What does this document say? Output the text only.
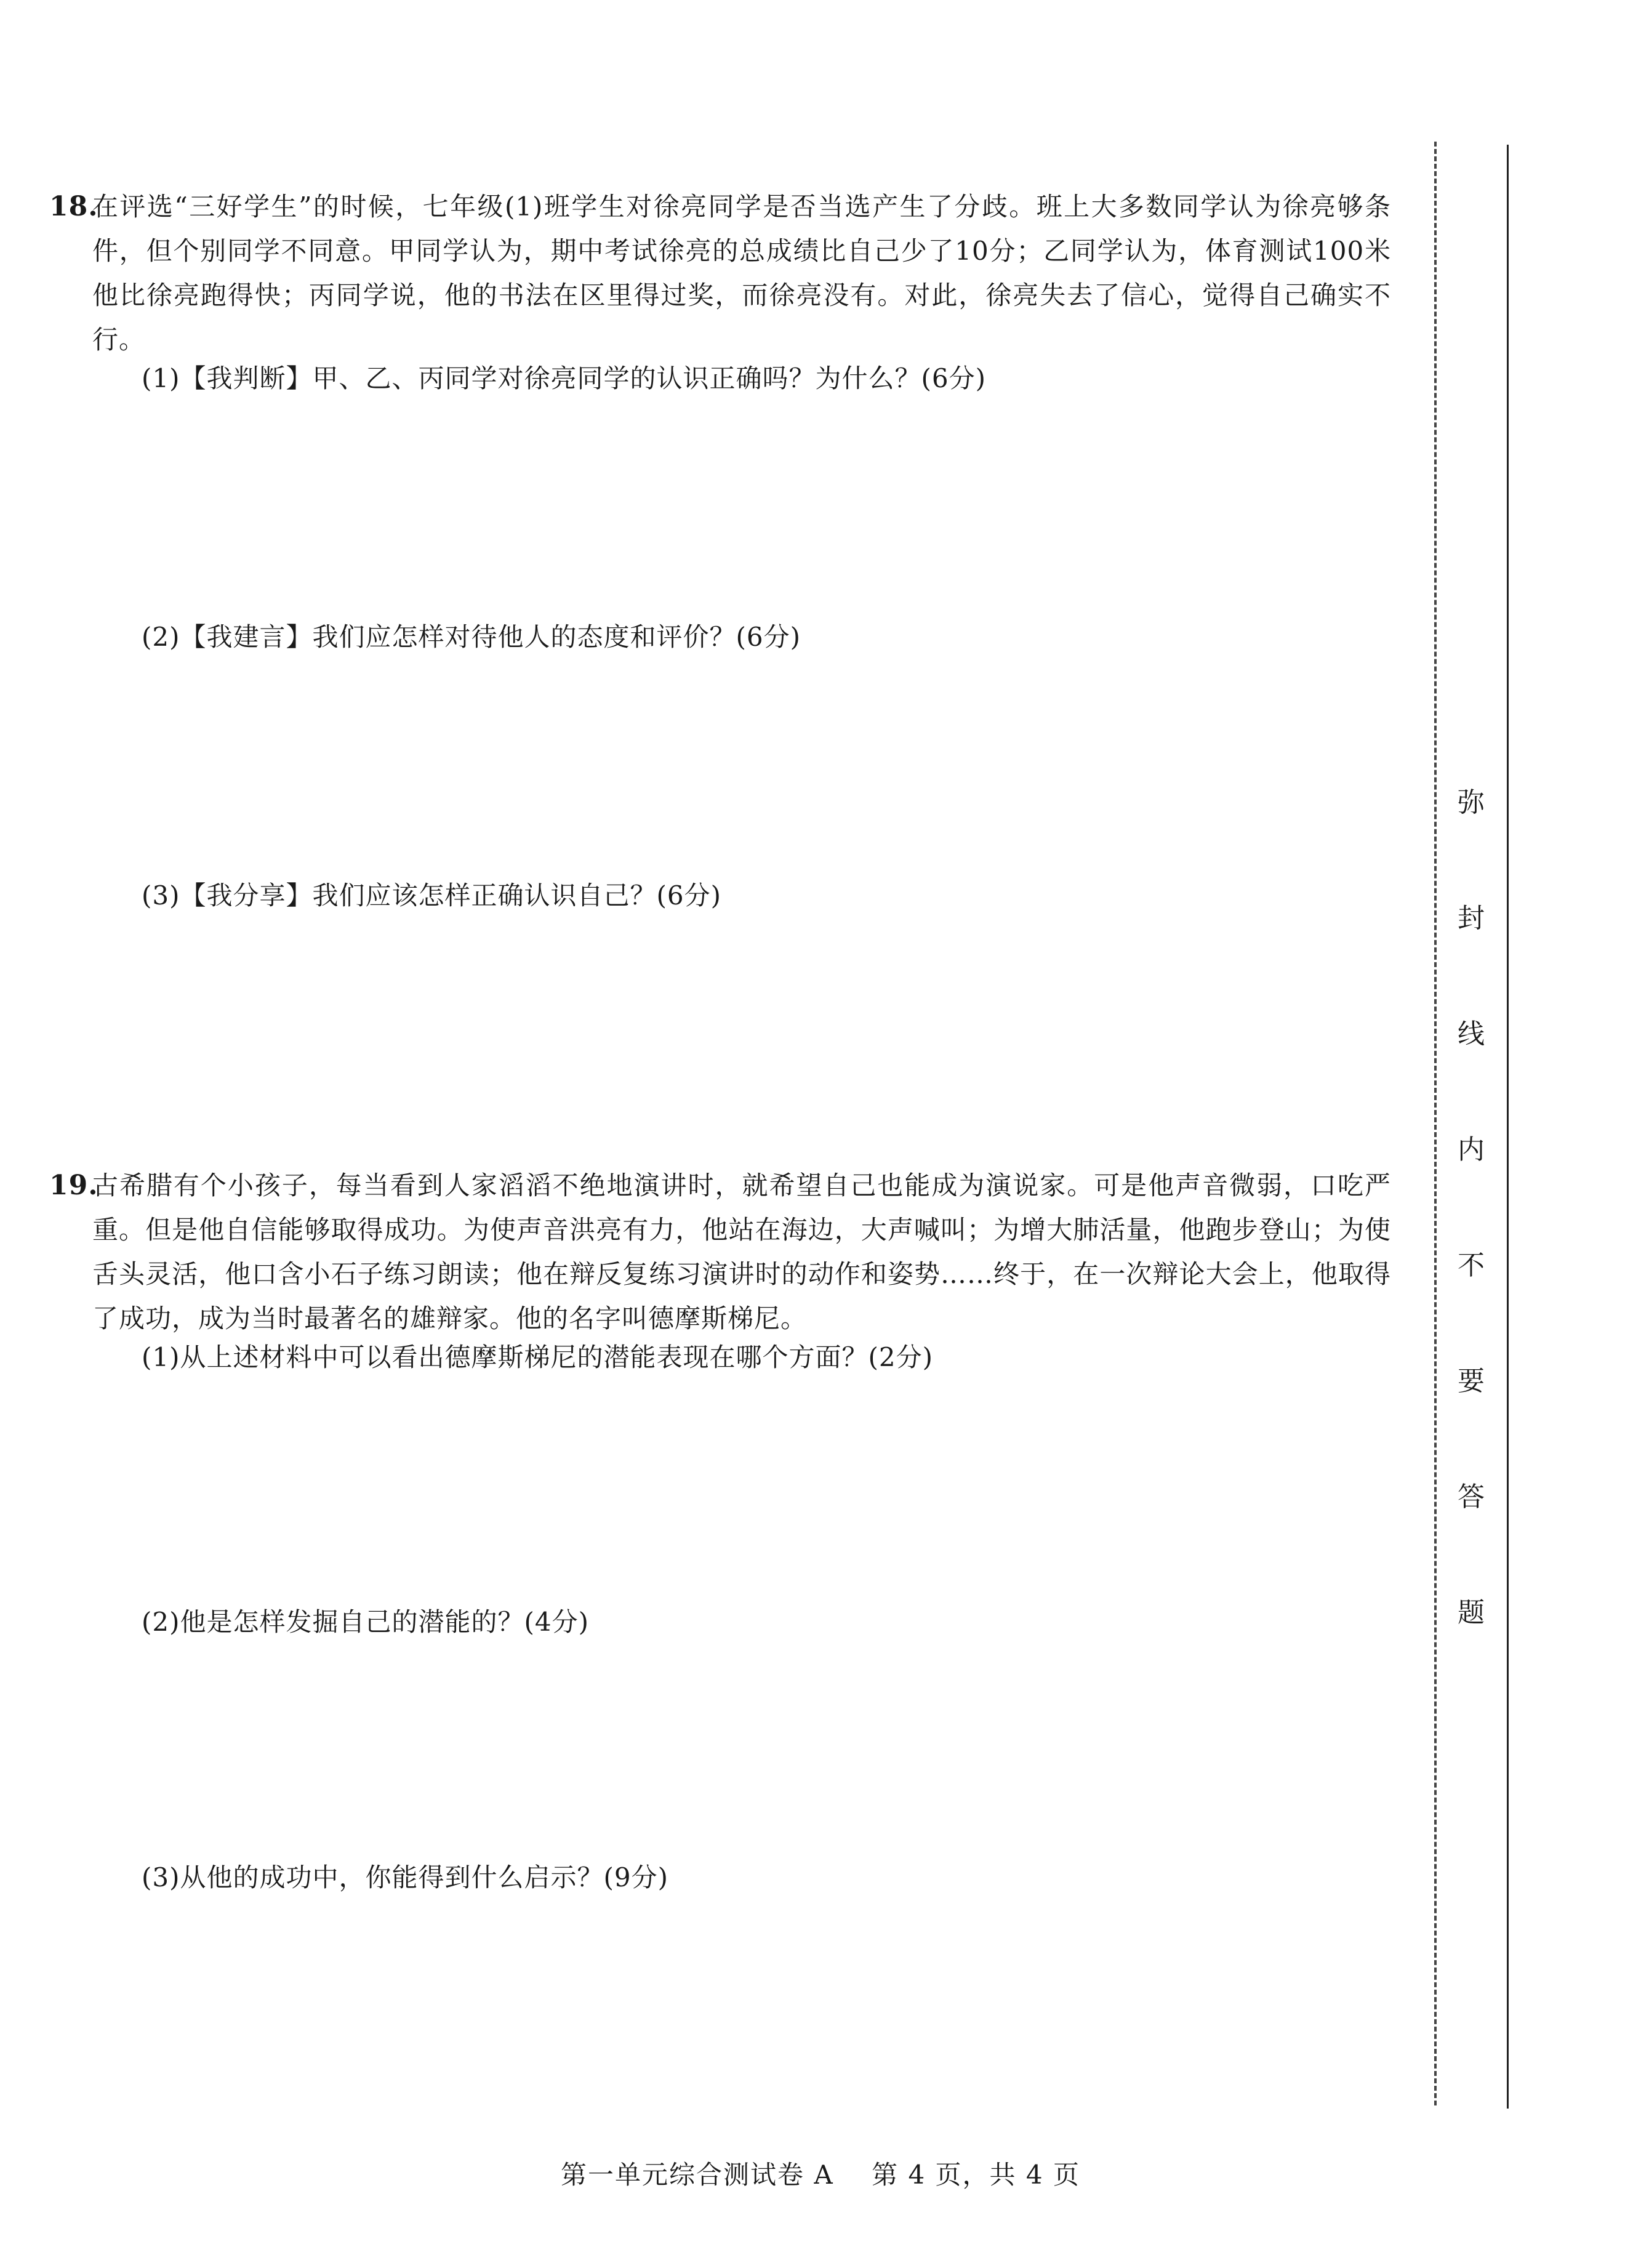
18.
在评选“三好学生”的时候，七年级(1)班学生对徐亮同学是否当选产生了分歧。班上大多数同学认为徐亮够条件，但个别同学不同意。甲同学认为，期中考试徐亮的总成绩比自己少了10分；乙同学认为，体育测试100米他比徐亮跑得快；丙同学说，他的书法在区里得过奖，而徐亮没有。对此，徐亮失去了信心，觉得自己确实不行。
(1)【我判断】甲、乙、丙同学对徐亮同学的认识正确吗？为什么？(6分)
(2)【我建言】我们应怎样对待他人的态度和评价？(6分)
(3)【我分享】我们应该怎样正确认识自己？(6分)
19.
古希腊有个小孩子，每当看到人家滔滔不绝地演讲时，就希望自己也能成为演说家。可是他声音微弱，口吃严重。但是他自信能够取得成功。为使声音洪亮有力，他站在海边，大声喊叫；为增大肺活量，他跑步登山；为使舌头灵活，他口含小石子练习朗读；他在辩反复练习演讲时的动作和姿势……终于，在一次辩论大会上，他取得了成功，成为当时最著名的雄辩家。他的名字叫德摩斯梯尼。
(1)从上述材料中可以看出德摩斯梯尼的潜能表现在哪个方面？(2分)
(2)他是怎样发掘自己的潜能的？(4分)
(3)从他的成功中，你能得到什么启示？(9分)
弥
封
线
内
不
要
答
题
第一单元综合测试卷 A 第 4 页，共 4 页
